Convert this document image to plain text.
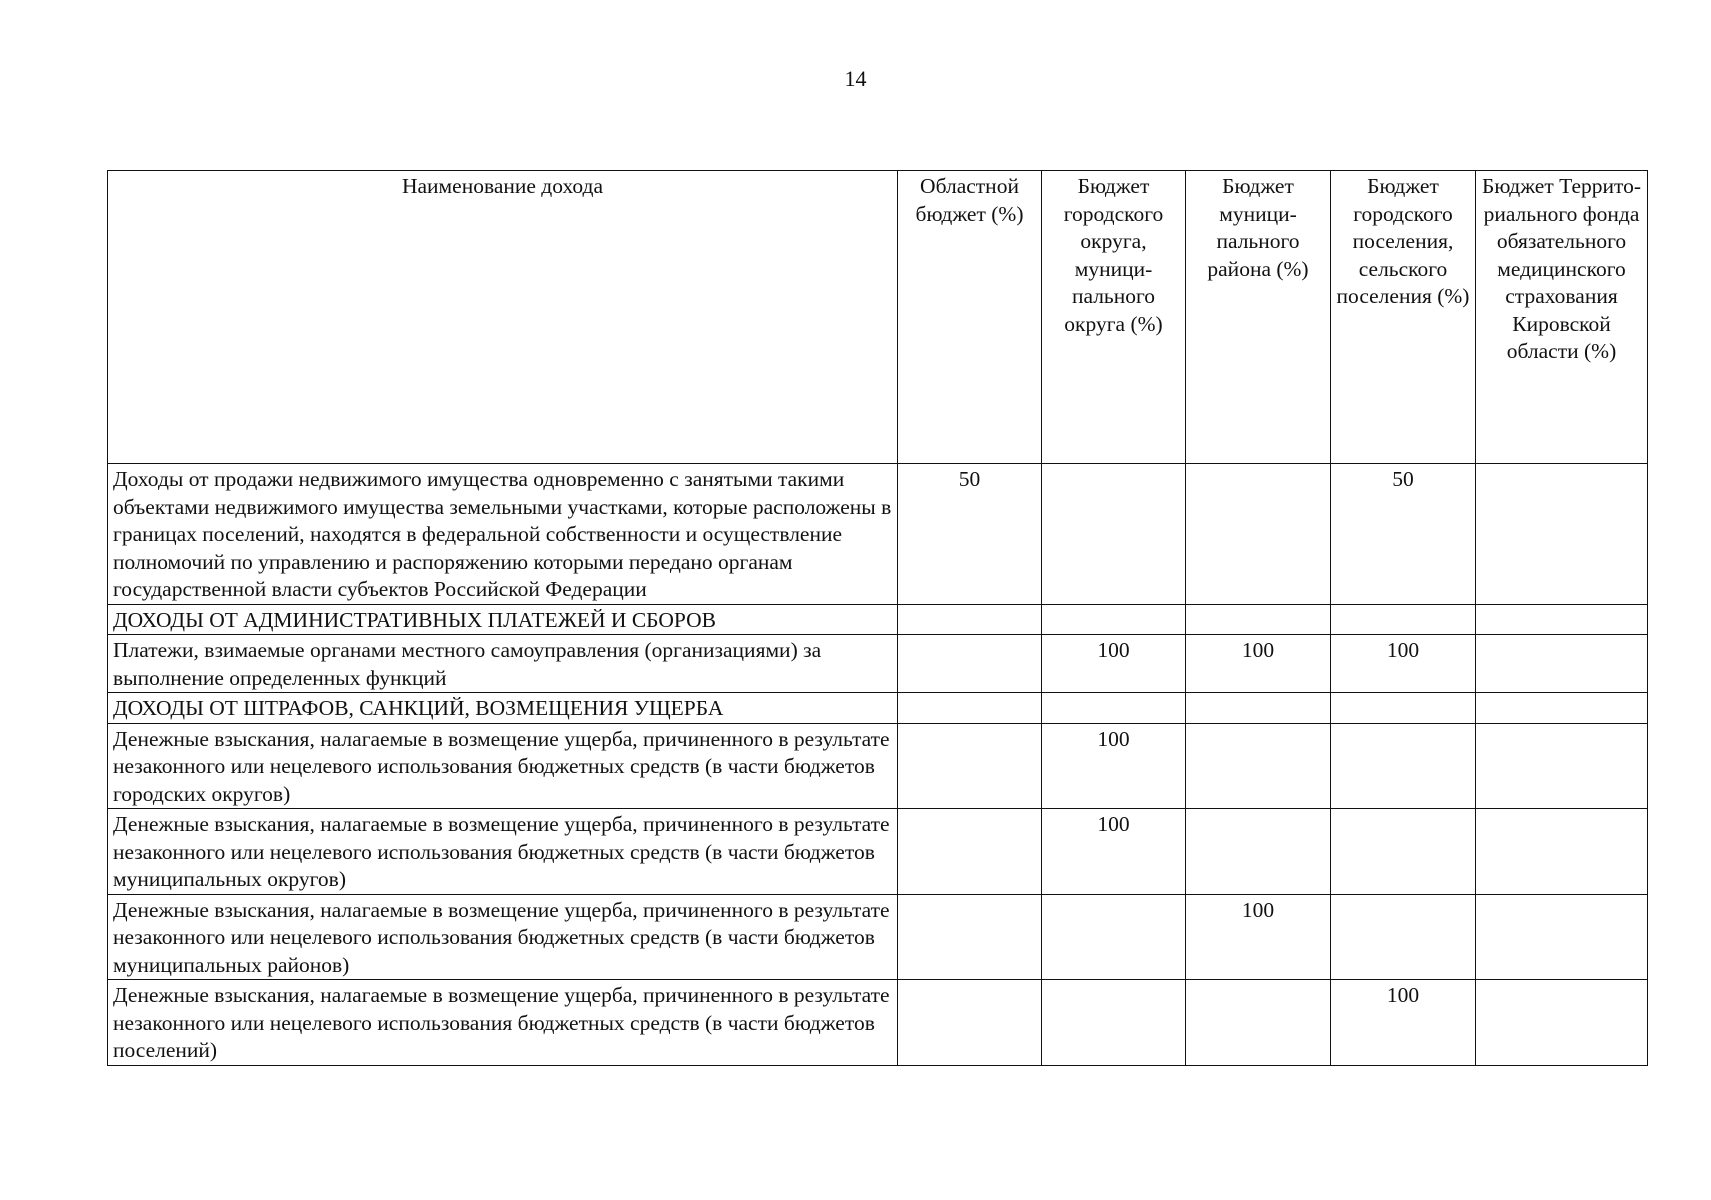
14
Наименование дохода	Областной бюджет (%)	Бюджет городского округа, муници-пального округа (%)	Бюджет муници-пального района (%)	Бюджет городского поселения, сельского поселения (%)	Бюджет Террито-риального фонда обязательного медицинского страхования Кировской области (%)
Доходы от продажи недвижимого имущества одновременно с занятыми такими объектами недвижимого имущества земельными участками, которые расположены в границах поселений, находятся в федеральной собственности и осуществление полномочий по управлению и распоряжению которыми передано органам государственной власти субъектов Российской Федерации	50			50	
ДОХОДЫ ОТ АДМИНИСТРАТИВНЫХ ПЛАТЕЖЕЙ И СБОРОВ					
Платежи, взимаемые органами местного самоуправления (организациями) за выполнение определенных функций		100	100	100	
ДОХОДЫ ОТ ШТРАФОВ, САНКЦИЙ, ВОЗМЕЩЕНИЯ УЩЕРБА					
Денежные взыскания, налагаемые в возмещение ущерба, причиненного в результате незаконного или нецелевого использования бюджетных средств (в части бюджетов городских округов)		100			
Денежные взыскания, налагаемые в возмещение ущерба, причиненного в результате незаконного или нецелевого использования бюджетных средств (в части бюджетов муниципальных округов)		100			
Денежные взыскания, налагаемые в возмещение ущерба, причиненного в результате незаконного или нецелевого использования бюджетных средств (в части бюджетов муниципальных районов)			100		
Денежные взыскания, налагаемые в возмещение ущерба, причиненного в результате незаконного или нецелевого использования бюджетных средств (в части бюджетов поселений)				100	
